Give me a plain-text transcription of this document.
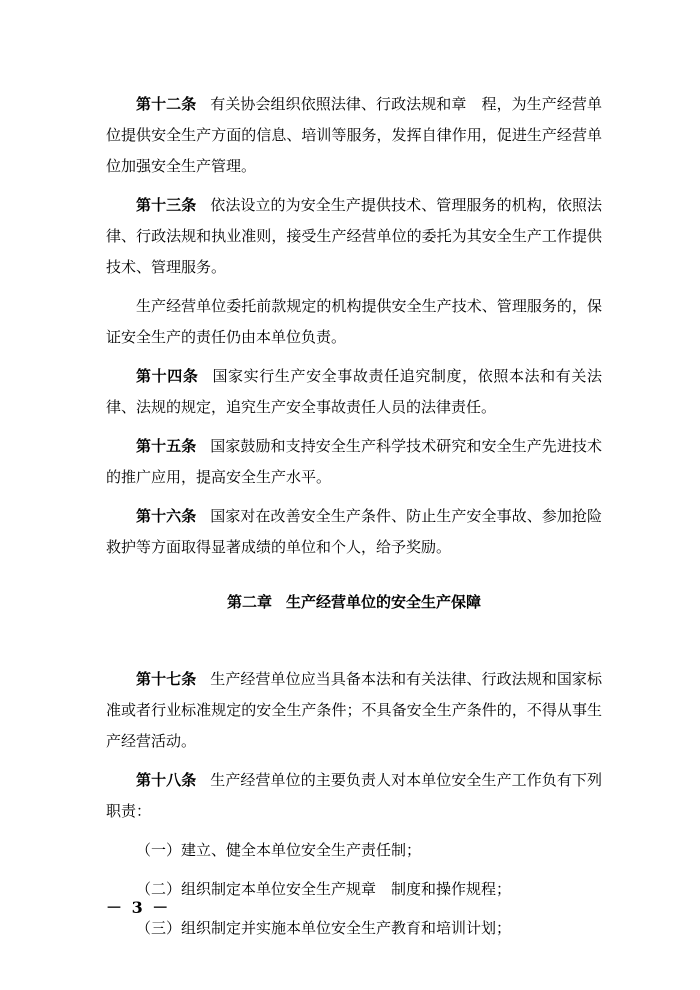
第十二条 有关协会组织依照法律、行政法规和章　程，为生产经营单位提供安全生产方面的信息、培训等服务，发挥自律作用，促进生产经营单位加强安全生产管理。

第十三条 依法设立的为安全生产提供技术、管理服务的机构，依照法律、行政法规和执业准则，接受生产经营单位的委托为其安全生产工作提供技术、管理服务。

生产经营单位委托前款规定的机构提供安全生产技术、管理服务的，保证安全生产的责任仍由本单位负责。

第十四条 国家实行生产安全事故责任追究制度，依照本法和有关法律、法规的规定，追究生产安全事故责任人员的法律责任。

第十五条 国家鼓励和支持安全生产科学技术研究和安全生产先进技术的推广应用，提高安全生产水平。

第十六条 国家对在改善安全生产条件、防止生产安全事故、参加抢险救护等方面取得显著成绩的单位和个人，给予奖励。

第二章 生产经营单位的安全生产保障

第十七条 生产经营单位应当具备本法和有关法律、行政法规和国家标准或者行业标准规定的安全生产条件；不具备安全生产条件的，不得从事生产经营活动。

第十八条 生产经营单位的主要负责人对本单位安全生产工作负有下列职责：

（一）建立、健全本单位安全生产责任制；

（二）组织制定本单位安全生产规章　制度和操作规程；

（三）组织制定并实施本单位安全生产教育和培训计划；

－ 3 －
